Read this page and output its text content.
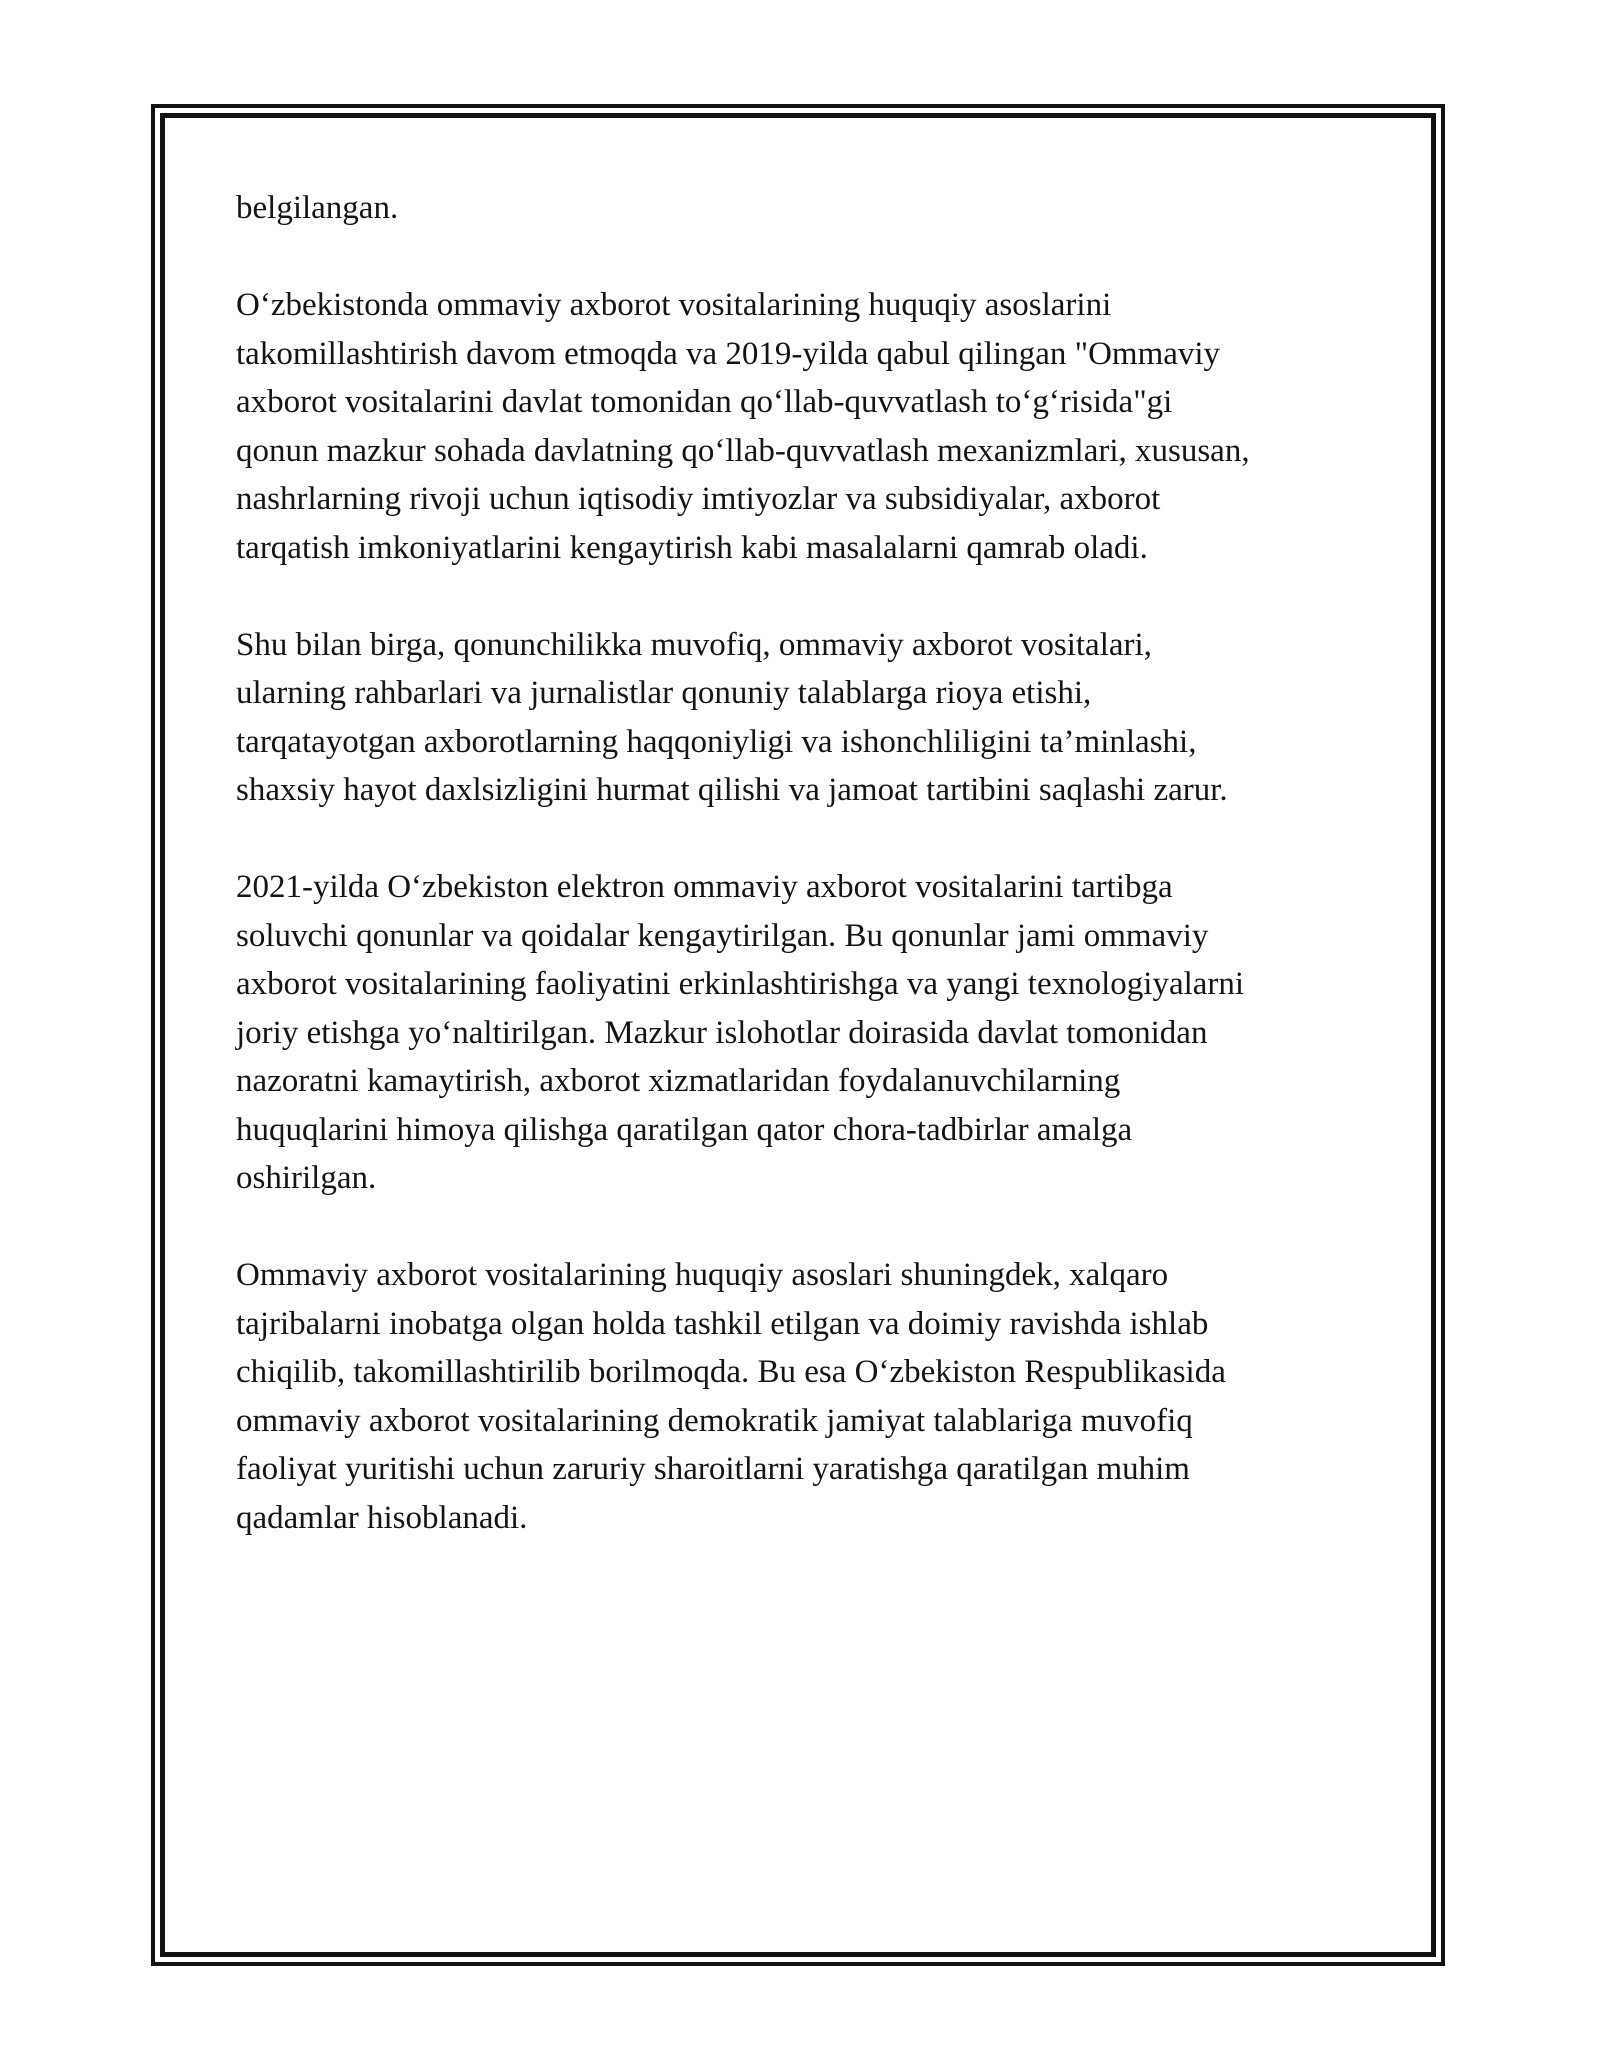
belgilangan.

O‘zbekistonda ommaviy axborot vositalarining huquqiy asoslarini
takomillashtirish davom etmoqda va 2019-yilda qabul qilingan "Ommaviy
axborot vositalarini davlat tomonidan qo‘llab-quvvatlash to‘g‘risida"gi
qonun mazkur sohada davlatning qo‘llab-quvvatlash mexanizmlari, xususan,
nashrlarning rivoji uchun iqtisodiy imtiyozlar va subsidiyalar, axborot
tarqatish imkoniyatlarini kengaytirish kabi masalalarni qamrab oladi.

Shu bilan birga, qonunchilikka muvofiq, ommaviy axborot vositalari,
ularning rahbarlari va jurnalistlar qonuniy talablarga rioya etishi,
tarqatayotgan axborotlarning haqqoniyligi va ishonchliligini ta’minlashi,
shaxsiy hayot daxlsizligini hurmat qilishi va jamoat tartibini saqlashi zarur.

2021-yilda O‘zbekiston elektron ommaviy axborot vositalarini tartibga
soluvchi qonunlar va qoidalar kengaytirilgan. Bu qonunlar jami ommaviy
axborot vositalarining faoliyatini erkinlashtirishga va yangi texnologiyalarni
joriy etishga yo‘naltirilgan. Mazkur islohotlar doirasida davlat tomonidan
nazoratni kamaytirish, axborot xizmatlaridan foydalanuvchilarning
huquqlarini himoya qilishga qaratilgan qator chora-tadbirlar amalga
oshirilgan.

Ommaviy axborot vositalarining huquqiy asoslari shuningdek, xalqaro
tajribalarni inobatga olgan holda tashkil etilgan va doimiy ravishda ishlab
chiqilib, takomillashtirilib borilmoqda. Bu esa O‘zbekiston Respublikasida
ommaviy axborot vositalarining demokratik jamiyat talablariga muvofiq
faoliyat yuritishi uchun zaruriy sharoitlarni yaratishga qaratilgan muhim
qadamlar hisoblanadi.
